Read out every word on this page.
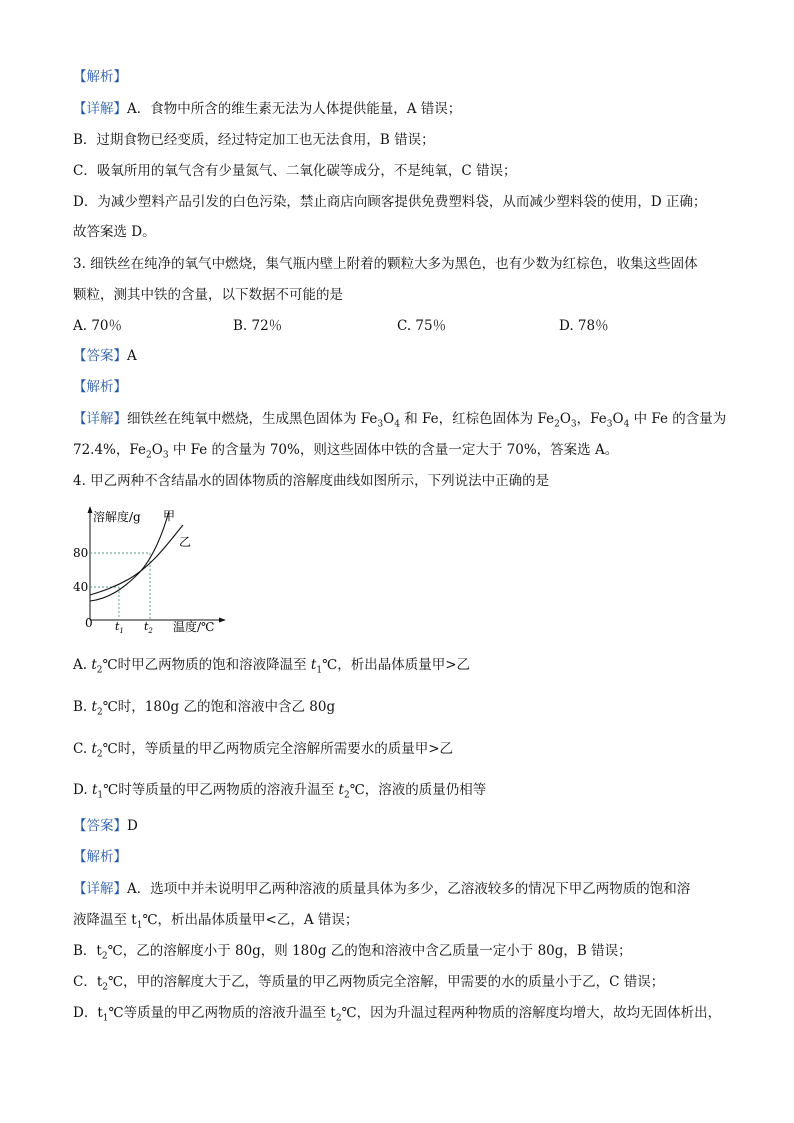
【解析】
【详解】A．食物中所含的维生素无法为人体提供能量，A 错误；
B．过期食物已经变质，经过特定加工也无法食用，B 错误；
C．吸氧所用的氧气含有少量氮气、二氧化碳等成分，不是纯氧，C 错误；
D．为减少塑料产品引发的白色污染，禁止商店向顾客提供免费塑料袋，从而减少塑料袋的使用，D 正确；
故答案选 D。
3. 细铁丝在纯净的氧气中燃烧，集气瓶内壁上附着的颗粒大多为黑色，也有少数为红棕色，收集这些固体
颗粒，测其中铁的含量，以下数据不可能的是
A. 70％	B. 72％	C. 75％	D. 78％
【答案】A
【解析】
【详解】细铁丝在纯氧中燃烧，生成黑色固体为 $Fe_3O_4$ 和 Fe，红棕色固体为 $Fe_2O_3$，$Fe_3O_4$ 中 Fe 的含量为
72.4%，$Fe_2O_3$ 中 Fe 的含量为 70%，则这些固体中铁的含量一定大于 70%，答案选 A。
4. 甲乙两种不含结晶水的固体物质的溶解度曲线如图所示，下列说法中正确的是
溶解度/g 甲
乙
80
40
0 $t_1$ $t_2$ 温度/℃
A. $t_2℃$时甲乙两物质的饱和溶液降温至 $t_1℃$，析出晶体质量甲>乙
B. $t_2℃$时，180g 乙的饱和溶液中含乙 80g
C. $t_2℃$时，等质量的甲乙两物质完全溶解所需要水的质量甲>乙
D. $t_1℃$时等质量的甲乙两物质的溶液升温至 $t_2℃$，溶液的质量仍相等
【答案】D
【解析】
【详解】A．选项中并未说明甲乙两种溶液的质量具体为多少，乙溶液较多的情况下甲乙两物质的饱和溶
液降温至 $t_1℃$，析出晶体质量甲<乙，A 错误；
B．$t_2℃$，乙的溶解度小于 80g，则 180g 乙的饱和溶液中含乙质量一定小于 80g，B 错误；
C．$t_2℃$，甲的溶解度大于乙，等质量的甲乙两物质完全溶解，甲需要的水的质量小于乙，C 错误；
D．$t_1℃$等质量的甲乙两物质的溶液升温至 $t_2℃$，因为升温过程两种物质的溶解度均增大，故均无固体析出，
